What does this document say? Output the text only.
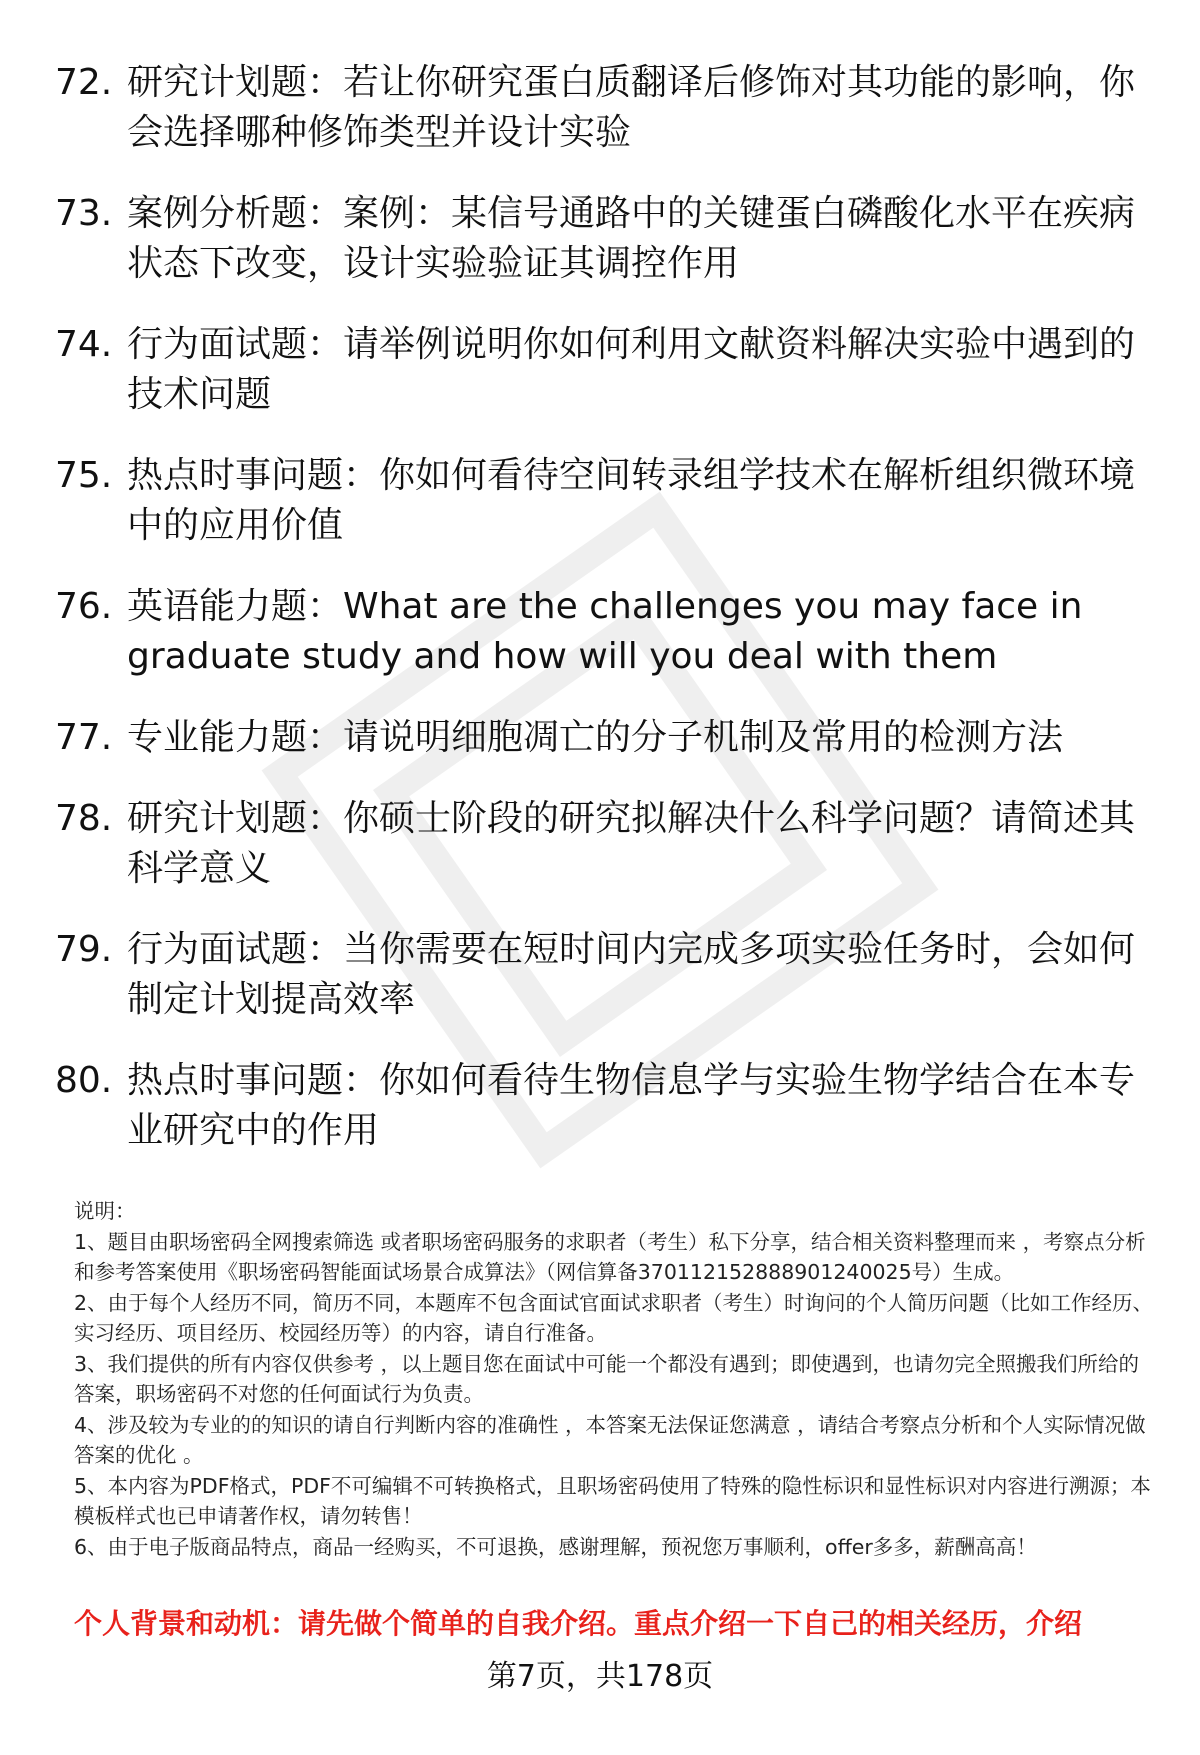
72. 研究计划题：若让你研究蛋白质翻译后修饰对其功能的影响，你会选择哪种修饰类型并设计实验
73. 案例分析题：案例：某信号通路中的关键蛋白磷酸化水平在疾病状态下改变，设计实验验证其调控作用
74. 行为面试题：请举例说明你如何利用文献资料解决实验中遇到的技术问题
75. 热点时事问题：你如何看待空间转录组学技术在解析组织微环境中的应用价值
76. 英语能力题：What are the challenges you may face in graduate study and how will you deal with them
77. 专业能力题：请说明细胞凋亡的分子机制及常用的检测方法
78. 研究计划题：你硕士阶段的研究拟解决什么科学问题？请简述其科学意义
79. 行为面试题：当你需要在短时间内完成多项实验任务时，会如何制定计划提高效率
80. 热点时事问题：你如何看待生物信息学与实验生物学结合在本专业研究中的作用

说明：

1、题目由职场密码全网搜索筛选 或者职场密码服务的求职者（考生）私下分享，结合相关资料整理而来 ，考察点分析和参考答案使用《职场密码智能面试场景合成算法》（网信算备370112152888901240025号）生成。

2、由于每个人经历不同，简历不同，本题库不包含面试官面试求职者（考生）时询问的个人简历问题（比如工作经历、实习经历、项目经历、校园经历等）的内容，请自行准备。

3、我们提供的所有内容仅供参考 ，以上题目您在面试中可能一个都没有遇到；即使遇到，也请勿完全照搬我们所给的答案，职场密码不对您的任何面试行为负责。

4、涉及较为专业的的知识的请自行判断内容的准确性 ，本答案无法保证您满意 ，请结合考察点分析和个人实际情况做答案的优化 。

5、本内容为PDF格式，PDF不可编辑不可转换格式，且职场密码使用了特殊的隐性标识和显性标识对内容进行溯源；本模板样式也已申请著作权，请勿转售！

6、由于电子版商品特点，商品一经购买，不可退换，感谢理解，预祝您万事顺利，offer多多，薪酬高高！

个人背景和动机：请先做个简单的自我介绍。重点介绍一下自己的相关经历，介绍
第7页，共178页
